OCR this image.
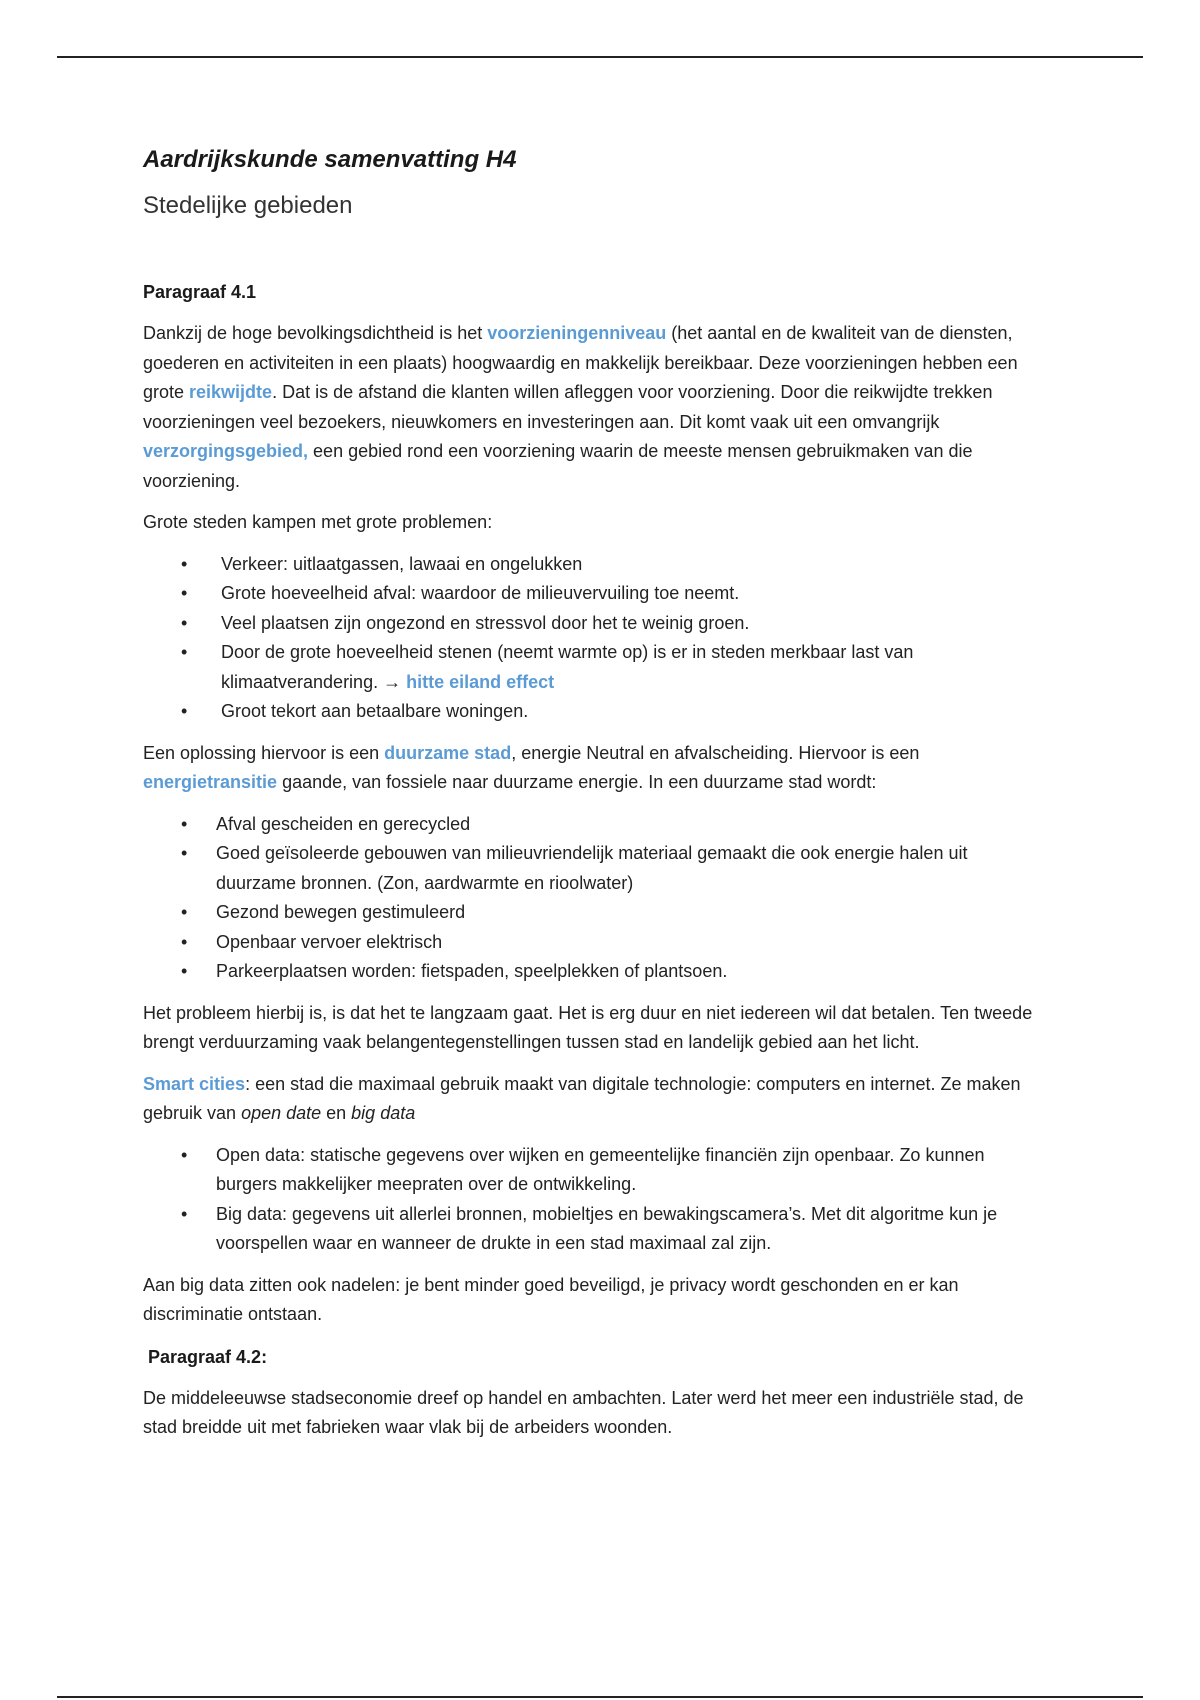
Aardrijkskunde samenvatting H4
Stedelijke gebieden
Paragraaf 4.1

Dankzij de hoge bevolkingsdichtheid is het voorzieningenniveau (het aantal en de kwaliteit van de diensten, goederen en activiteiten in een plaats) hoogwaardig en makkelijk bereikbaar. Deze voorzieningen hebben een grote reikwijdte. Dat is de afstand die klanten willen afleggen voor voorziening. Door die reikwijdte trekken voorzieningen veel bezoekers, nieuwkomers en investeringen aan. Dit komt vaak uit een omvangrijk verzorgingsgebied, een gebied rond een voorziening waarin de meeste mensen gebruikmaken van die voorziening.

Grote steden kampen met grote problemen:

• Verkeer: uitlaatgassen, lawaai en ongelukken
• Grote hoeveelheid afval: waardoor de milieuvervuiling toe neemt.
• Veel plaatsen zijn ongezond en stressvol door het te weinig groen.
• Door de grote hoeveelheid stenen (neemt warmte op) is er in steden merkbaar last van klimaatverandering. → hitte eiland effect
• Groot tekort aan betaalbare woningen.

Een oplossing hiervoor is een duurzame stad, energie Neutral en afvalscheiding. Hiervoor is een energietransitie gaande, van fossiele naar duurzame energie. In een duurzame stad wordt:

• Afval gescheiden en gerecycled
• Goed geïsoleerde gebouwen van milieuvriendelijk materiaal gemaakt die ook energie halen uit duurzame bronnen. (Zon, aardwarmte en rioolwater)
• Gezond bewegen gestimuleerd
• Openbaar vervoer elektrisch
• Parkeerplaatsen worden: fietspaden, speelplekken of plantsoen.

Het probleem hierbij is, is dat het te langzaam gaat. Het is erg duur en niet iedereen wil dat betalen. Ten tweede brengt verduurzaming vaak belangentegenstellingen tussen stad en landelijk gebied aan het licht.

Smart cities: een stad die maximaal gebruik maakt van digitale technologie: computers en internet. Ze maken gebruik van open date en big data

• Open data: statische gegevens over wijken en gemeentelijke financiën zijn openbaar. Zo kunnen burgers makkelijker meepraten over de ontwikkeling.
• Big data: gegevens uit allerlei bronnen, mobieltjes en bewakingscamera’s. Met dit algoritme kun je voorspellen waar en wanneer de drukte in een stad maximaal zal zijn.

Aan big data zitten ook nadelen: je bent minder goed beveiligd, je privacy wordt geschonden en er kan discriminatie ontstaan.

Paragraaf 4.2:

De middeleeuwse stadseconomie dreef op handel en ambachten. Later werd het meer een industriële stad, de stad breidde uit met fabrieken waar vlak bij de arbeiders woonden.
